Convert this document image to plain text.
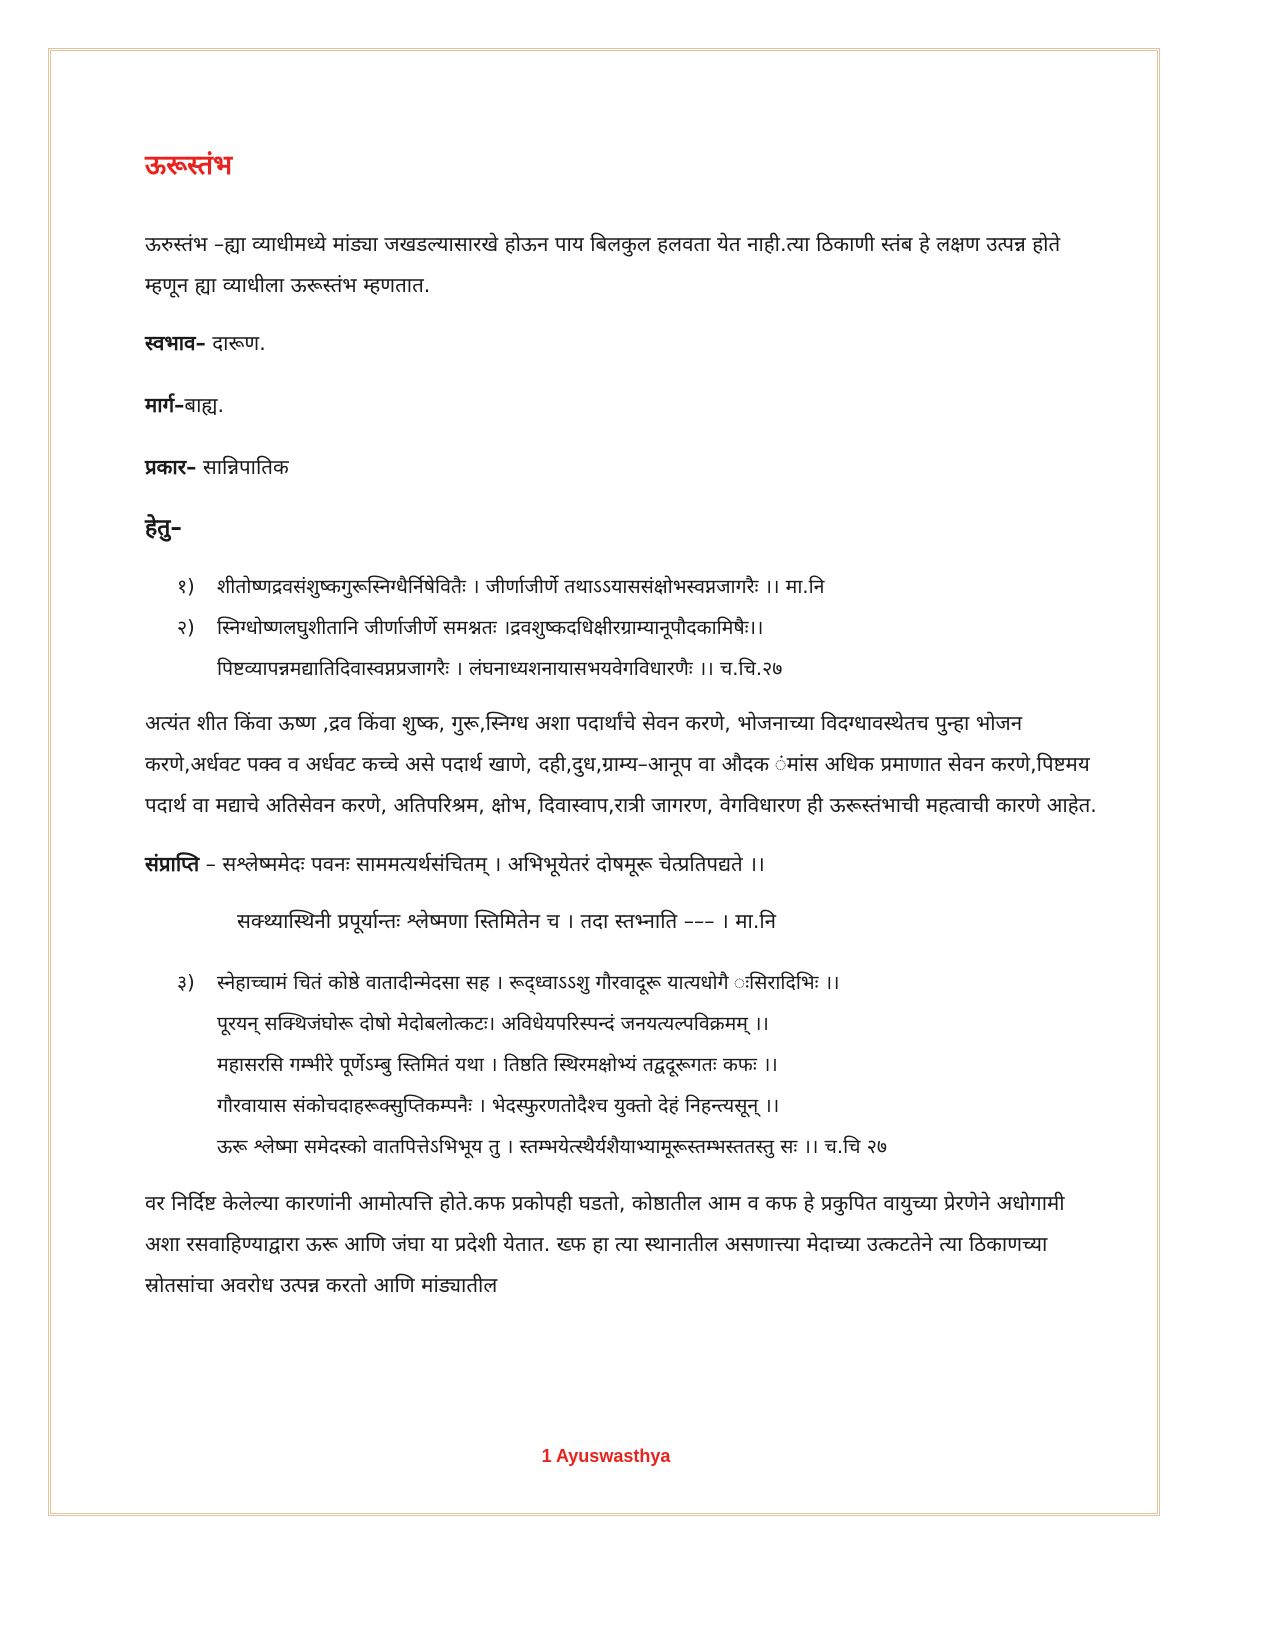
ऊरूस्तंभ

ऊरुस्तंभ –ह्या व्याधीमध्ये मांड्या जखडल्यासारखे होऊन पाय बिलकुल हलवता येत नाही.त्या ठिकाणी स्तंब हे लक्षण उत्पन्न होते म्हणून ह्या व्याधीला ऊरूस्तंभ म्हणतात.

स्वभाव– दारूण.

मार्ग–बाह्य.

प्रकार– सान्निपातिक

हेतु–
१)	शीतोष्णद्रवसंशुष्कगुरूस्निग्धैर्निषेवितैः । जीर्णाजीर्णे तथाऽऽयाससंक्षोभस्वप्नजागरैः ।। मा.नि
२)	स्निग्धोष्णलघुशीतानि जीर्णाजीर्णे समश्नतः ।द्रवशुष्कदधिक्षीरग्राम्यानूपौदकामिषैः।।
पिष्टव्यापन्नमद्यातिदिवास्वप्नप्रजागरैः । लंघनाध्यशनायासभयवेगविधारणैः ।। च.चि.२७

अत्यंत शीत किंवा ऊष्ण ,द्रव किंवा शुष्क, गुरू,स्निग्ध अशा पदार्थांचे सेवन करणे, भोजनाच्या विदग्धावस्थेतच पुन्हा भोजन करणे,अर्धवट पक्व व अर्धवट कच्चे असे पदार्थ खाणे, दही,दुध,ग्राम्य–आनूप वा औदक ंमांस अधिक प्रमाणात सेवन करणे,पिष्टमय पदार्थ वा मद्याचे अतिसेवन करणे, अतिपरिश्रम, क्षोभ, दिवास्वाप,रात्री जागरण, वेगविधारण ही ऊरूस्तंभाची महत्वाची कारणे आहेत.

संप्राप्ति – सश्लेष्ममेदः पवनः साममत्यर्थसंचितम् । अभिभूयेतरं दोषमूरू चेत्प्रतिपद्यते ।।

सक्थ्यास्थिनी प्रपूर्यान्तः श्लेष्मणा स्तिमितेन च । तदा स्तभ्नाति ––– । मा.नि

३)	स्नेहाच्चामं चितं कोष्ठे वातादीन्मेदसा सह । रूद्ध्वाऽऽशु गौरवादूरू यात्यधोगै ःसिरादिभिः ।।
पूरयन् सक्थिजंघोरू दोषो मेदोबलोत्कटः। अविधेयपरिस्पन्दं जनयत्यल्पविक्रमम् ।।
महासरसि गम्भीरे पूर्णेऽम्बु स्तिमितं यथा । तिष्ठति स्थिरमक्षोभ्यं तद्वदूरूगतः कफः ।।
गौरवायास संकोचदाहरूक्सुप्तिकम्पनैः । भेदस्फुरणतोदैश्च युक्तो देहं निहन्त्यसून् ।।
ऊरू श्लेष्मा समेदस्को वातपित्तेऽभिभूय तु । स्तम्भयेत्स्थैर्यशैयाभ्यामूरूस्तम्भस्ततस्तु सः ।। च.चि २७

वर निर्दिष्ट केलेल्या कारणांनी आमोत्पत्ति होते.कफ प्रकोपही घडतो, कोष्ठातील आम व कफ हे प्रकुपित वायुच्या प्रेरणेने अधोगामी अशा रसवाहिण्याद्वारा ऊरू आणि जंघा या प्रदेशी येतात. ख्फ हा त्या स्थानातील असणात्त्या मेदाच्या उत्कटतेने त्या ठिकाणच्या स्रोतसांचा अवरोध उत्पन्न करतो आणि मांड्यातील

1 Ayuswasthya
